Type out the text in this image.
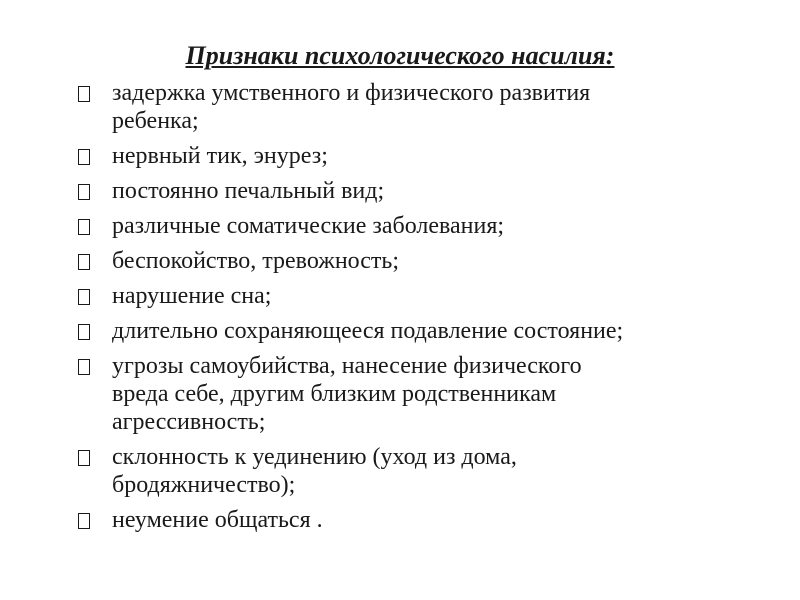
Признаки психологического насилия:
задержка умственного и физического развития
ребенка;
нервный тик, энурез;
постоянно печальный вид;
различные соматические заболевания;
беспокойство, тревожность;
нарушение сна;
длительно сохраняющееся подавление состояние;
угрозы самоубийства, нанесение физического
вреда себе, другим близким родственникам
агрессивность;
склонность к уединению (уход из дома,
бродяжничество);
неумение общаться .
